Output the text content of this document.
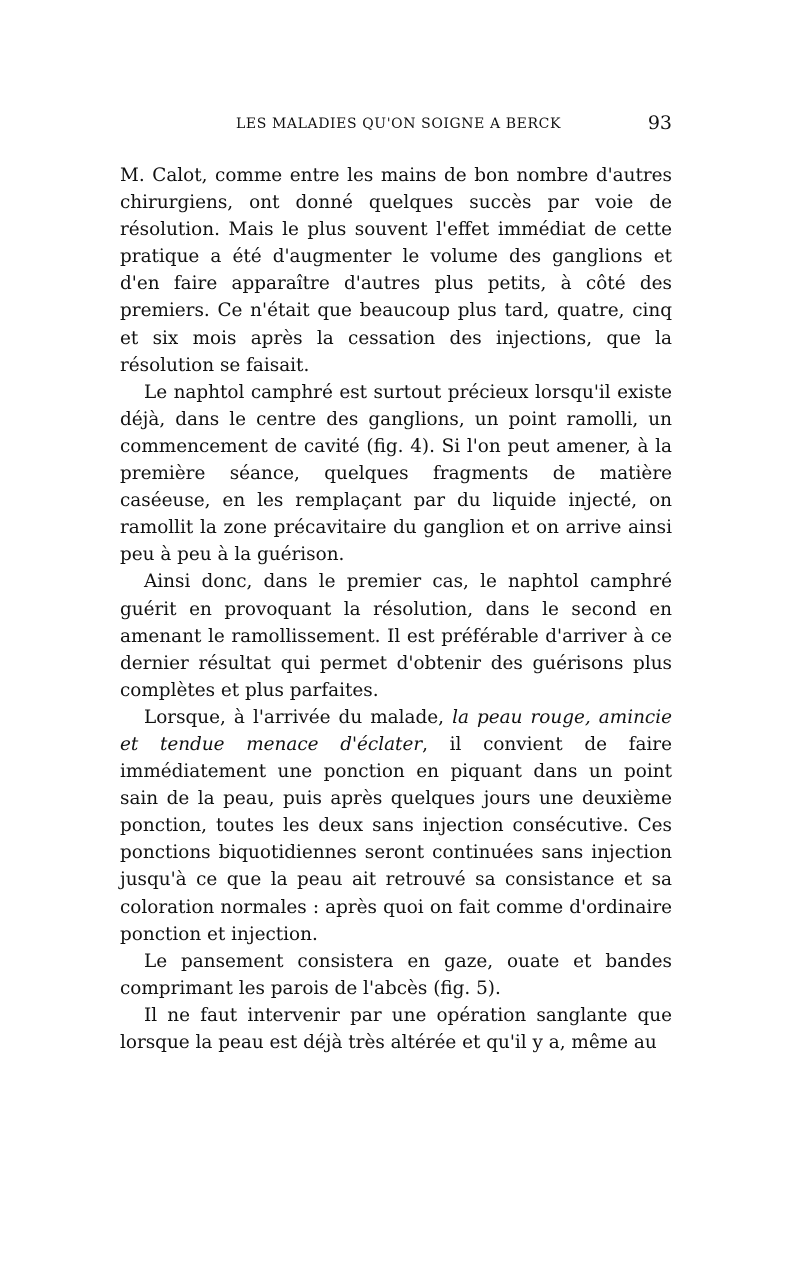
LES MALADIES QU'ON SOIGNE A BERCK	93

M. Calot, comme entre les mains de bon nombre d'autres chirurgiens, ont donné quelques succès par voie de résolution. Mais le plus souvent l'effet immédiat de cette pratique a été d'augmenter le volume des ganglions et d'en faire apparaître d'autres plus petits, à côté des premiers. Ce n'était que beaucoup plus tard, quatre, cinq et six mois après la cessation des injections, que la résolution se faisait.

Le naphtol camphré est surtout précieux lorsqu'il existe déjà, dans le centre des ganglions, un point ramolli, un commencement de cavité (fig. 4). Si l'on peut amener, à la première séance, quelques fragments de matière caséeuse, en les remplaçant par du liquide injecté, on ramollit la zone précavitaire du ganglion et on arrive ainsi peu à peu à la guérison.

Ainsi donc, dans le premier cas, le naphtol camphré guérit en provoquant la résolution, dans le second en amenant le ramollissement. Il est préférable d'arriver à ce dernier résultat qui permet d'obtenir des guérisons plus complètes et plus parfaites.

Lorsque, à l'arrivée du malade, la peau rouge, amincie et tendue menace d'éclater, il convient de faire immédiatement une ponction en piquant dans un point sain de la peau, puis après quelques jours une deuxième ponction, toutes les deux sans injection consécutive. Ces ponctions biquotidiennes seront continuées sans injection jusqu'à ce que la peau ait retrouvé sa consistance et sa coloration normales : après quoi on fait comme d'ordinaire ponction et injection.

Le pansement consistera en gaze, ouate et bandes comprimant les parois de l'abcès (fig. 5).

Il ne faut intervenir par une opération sanglante que lorsque la peau est déjà très altérée et qu'il y a, même au
